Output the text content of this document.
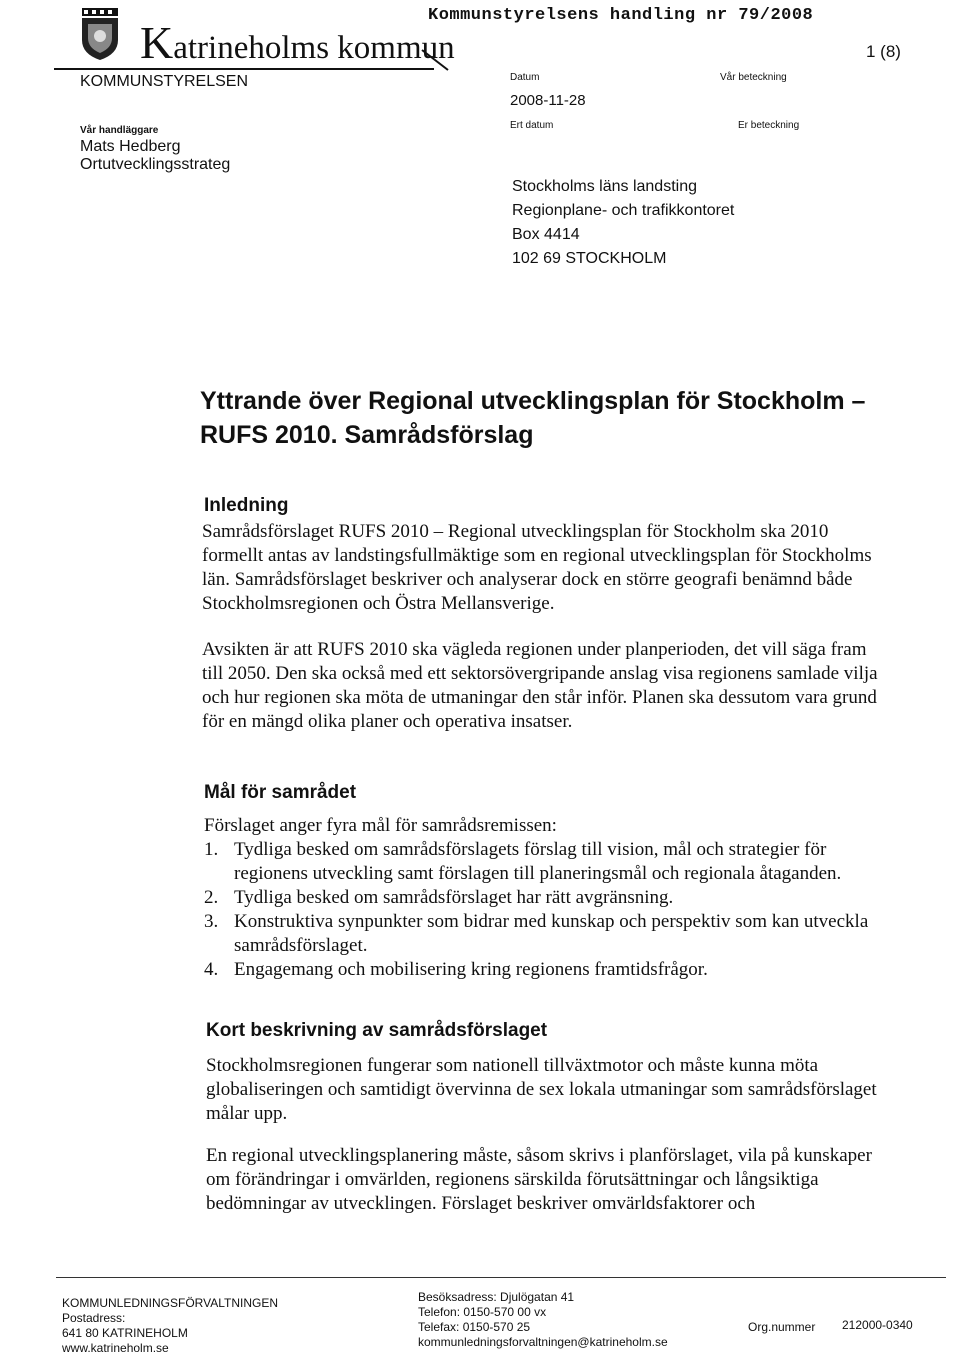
Kommunstyrelsens handling nr 79/2008
Katrineholms kommun
KOMMUNSTYRELSEN
1 (8)
Datum
2008-11-28
Vår beteckning
Ert datum	Er beteckning
Vår handläggare
Mats Hedberg
Ortutvecklingsstrateg
Stockholms läns landsting
Regionplane- och trafikkontoret
Box 4414
102 69 STOCKHOLM
Yttrande över Regional utvecklingsplan för Stockholm –
RUFS 2010. Samrådsförslag
Inledning
Samrådsförslaget RUFS 2010 – Regional utvecklingsplan för Stockholm ska 2010 formellt antas av landstingsfullmäktige som en regional utvecklingsplan för Stockholms län. Samrådsförslaget beskriver och analyserar dock en större geografi benämnd både Stockholmsregionen och Östra Mellansverige.
Avsikten är att RUFS 2010 ska vägleda regionen under planperioden, det vill säga fram till 2050. Den ska också med ett sektorsövergripande anslag visa regionens samlade vilja och hur regionen ska möta de utmaningar den står inför. Planen ska dessutom vara grund för en mängd olika planer och operativa insatser.
Mål för samrådet
Förslaget anger fyra mål för samrådsremissen:
1. Tydliga besked om samrådsförslagets förslag till vision, mål och strategier för regionens utveckling samt förslagen till planeringsmål och regionala åtaganden.
2. Tydliga besked om samrådsförslaget har rätt avgränsning.
3. Konstruktiva synpunkter som bidrar med kunskap och perspektiv som kan utveckla samrådsförslaget.
4. Engagemang och mobilisering kring regionens framtidsfrågor.
Kort beskrivning av samrådsförslaget
Stockholmsregionen fungerar som nationell tillväxtmotor och måste kunna möta globaliseringen och samtidigt övervinna de sex lokala utmaningar som samrådsförslaget målar upp.
En regional utvecklingsplanering måste, såsom skrivs i planförslaget, vila på kunskaper om förändringar i omvärlden, regionens särskilda förutsättningar och långsiktiga bedömningar av utvecklingen. Förslaget beskriver omvärldsfaktorer och
KOMMUNLEDNINGSFÖRVALTNINGEN
Postadress:
641 80 KATRINEHOLM
www.katrineholm.se
Besöksadress: Djulögatan 41
Telefon: 0150-570 00 vx
Telefax: 0150-570 25
kommunledningsforvaltningen@katrineholm.se
Org.nummer 212000-0340
